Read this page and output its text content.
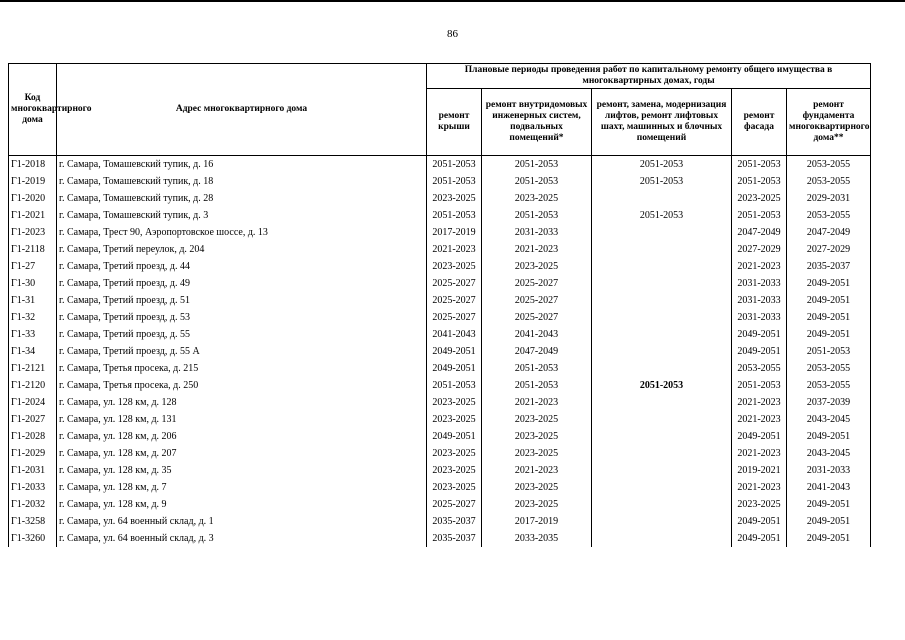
86
Код многоквартирного дома	Адрес многоквартирного дома	Плановые периоды проведения работ по капитальному ремонту общего имущества в многоквартирных домах, годы				
		ремонт крыши	ремонт внутридомовых инженерных систем, подвальных помещений*	ремонт, замена, модернизация лифтов, ремонт лифтовых шахт, машинных и блочных помещений	ремонт фасада	ремонт фундамента многоквартирного дома**
Г1-2018	г. Самара, Томашевский тупик, д. 16	2051-2053	2051-2053	2051-2053	2051-2053	2053-2055
Г1-2019	г. Самара, Томашевский тупик, д. 18	2051-2053	2051-2053	2051-2053	2051-2053	2053-2055
Г1-2020	г. Самара, Томашевский тупик, д. 28	2023-2025	2023-2025		2023-2025	2029-2031
Г1-2021	г. Самара, Томашевский тупик, д. 3	2051-2053	2051-2053	2051-2053	2051-2053	2053-2055
Г1-2023	г. Самара, Трест 90, Аэропортовское шоссе, д. 13	2017-2019	2031-2033		2047-2049	2047-2049
Г1-2118	г. Самара, Третий переулок, д. 204	2021-2023	2021-2023		2027-2029	2027-2029
Г1-27	г. Самара, Третий проезд, д. 44	2023-2025	2023-2025		2021-2023	2035-2037
Г1-30	г. Самара, Третий проезд, д. 49	2025-2027	2025-2027		2031-2033	2049-2051
Г1-31	г. Самара, Третий проезд, д. 51	2025-2027	2025-2027		2031-2033	2049-2051
Г1-32	г. Самара, Третий проезд, д. 53	2025-2027	2025-2027		2031-2033	2049-2051
Г1-33	г. Самара, Третий проезд, д. 55	2041-2043	2041-2043		2049-2051	2049-2051
Г1-34	г. Самара, Третий проезд, д. 55 А	2049-2051	2047-2049		2049-2051	2051-2053
Г1-2121	г. Самара, Третья просека, д. 215	2049-2051	2051-2053		2053-2055	2053-2055
Г1-2120	г. Самара, Третья просека, д. 250	2051-2053	2051-2053	2051-2053	2051-2053	2053-2055
Г1-2024	г. Самара, ул. 128 км, д. 128	2023-2025	2021-2023		2021-2023	2037-2039
Г1-2027	г. Самара, ул. 128 км, д. 131	2023-2025	2023-2025		2021-2023	2043-2045
Г1-2028	г. Самара, ул. 128 км, д. 206	2049-2051	2023-2025		2049-2051	2049-2051
Г1-2029	г. Самара, ул. 128 км, д. 207	2023-2025	2023-2025		2021-2023	2043-2045
Г1-2031	г. Самара, ул. 128 км, д. 35	2023-2025	2021-2023		2019-2021	2031-2033
Г1-2033	г. Самара, ул. 128 км, д. 7	2023-2025	2023-2025		2021-2023	2041-2043
Г1-2032	г. Самара, ул. 128 км, д. 9	2025-2027	2023-2025		2023-2025	2049-2051
Г1-3258	г. Самара, ул. 64 военный склад, д. 1	2035-2037	2017-2019		2049-2051	2049-2051
Г1-3260	г. Самара, ул. 64 военный склад, д. 3	2035-2037	2033-2035		2049-2051	2049-2051
